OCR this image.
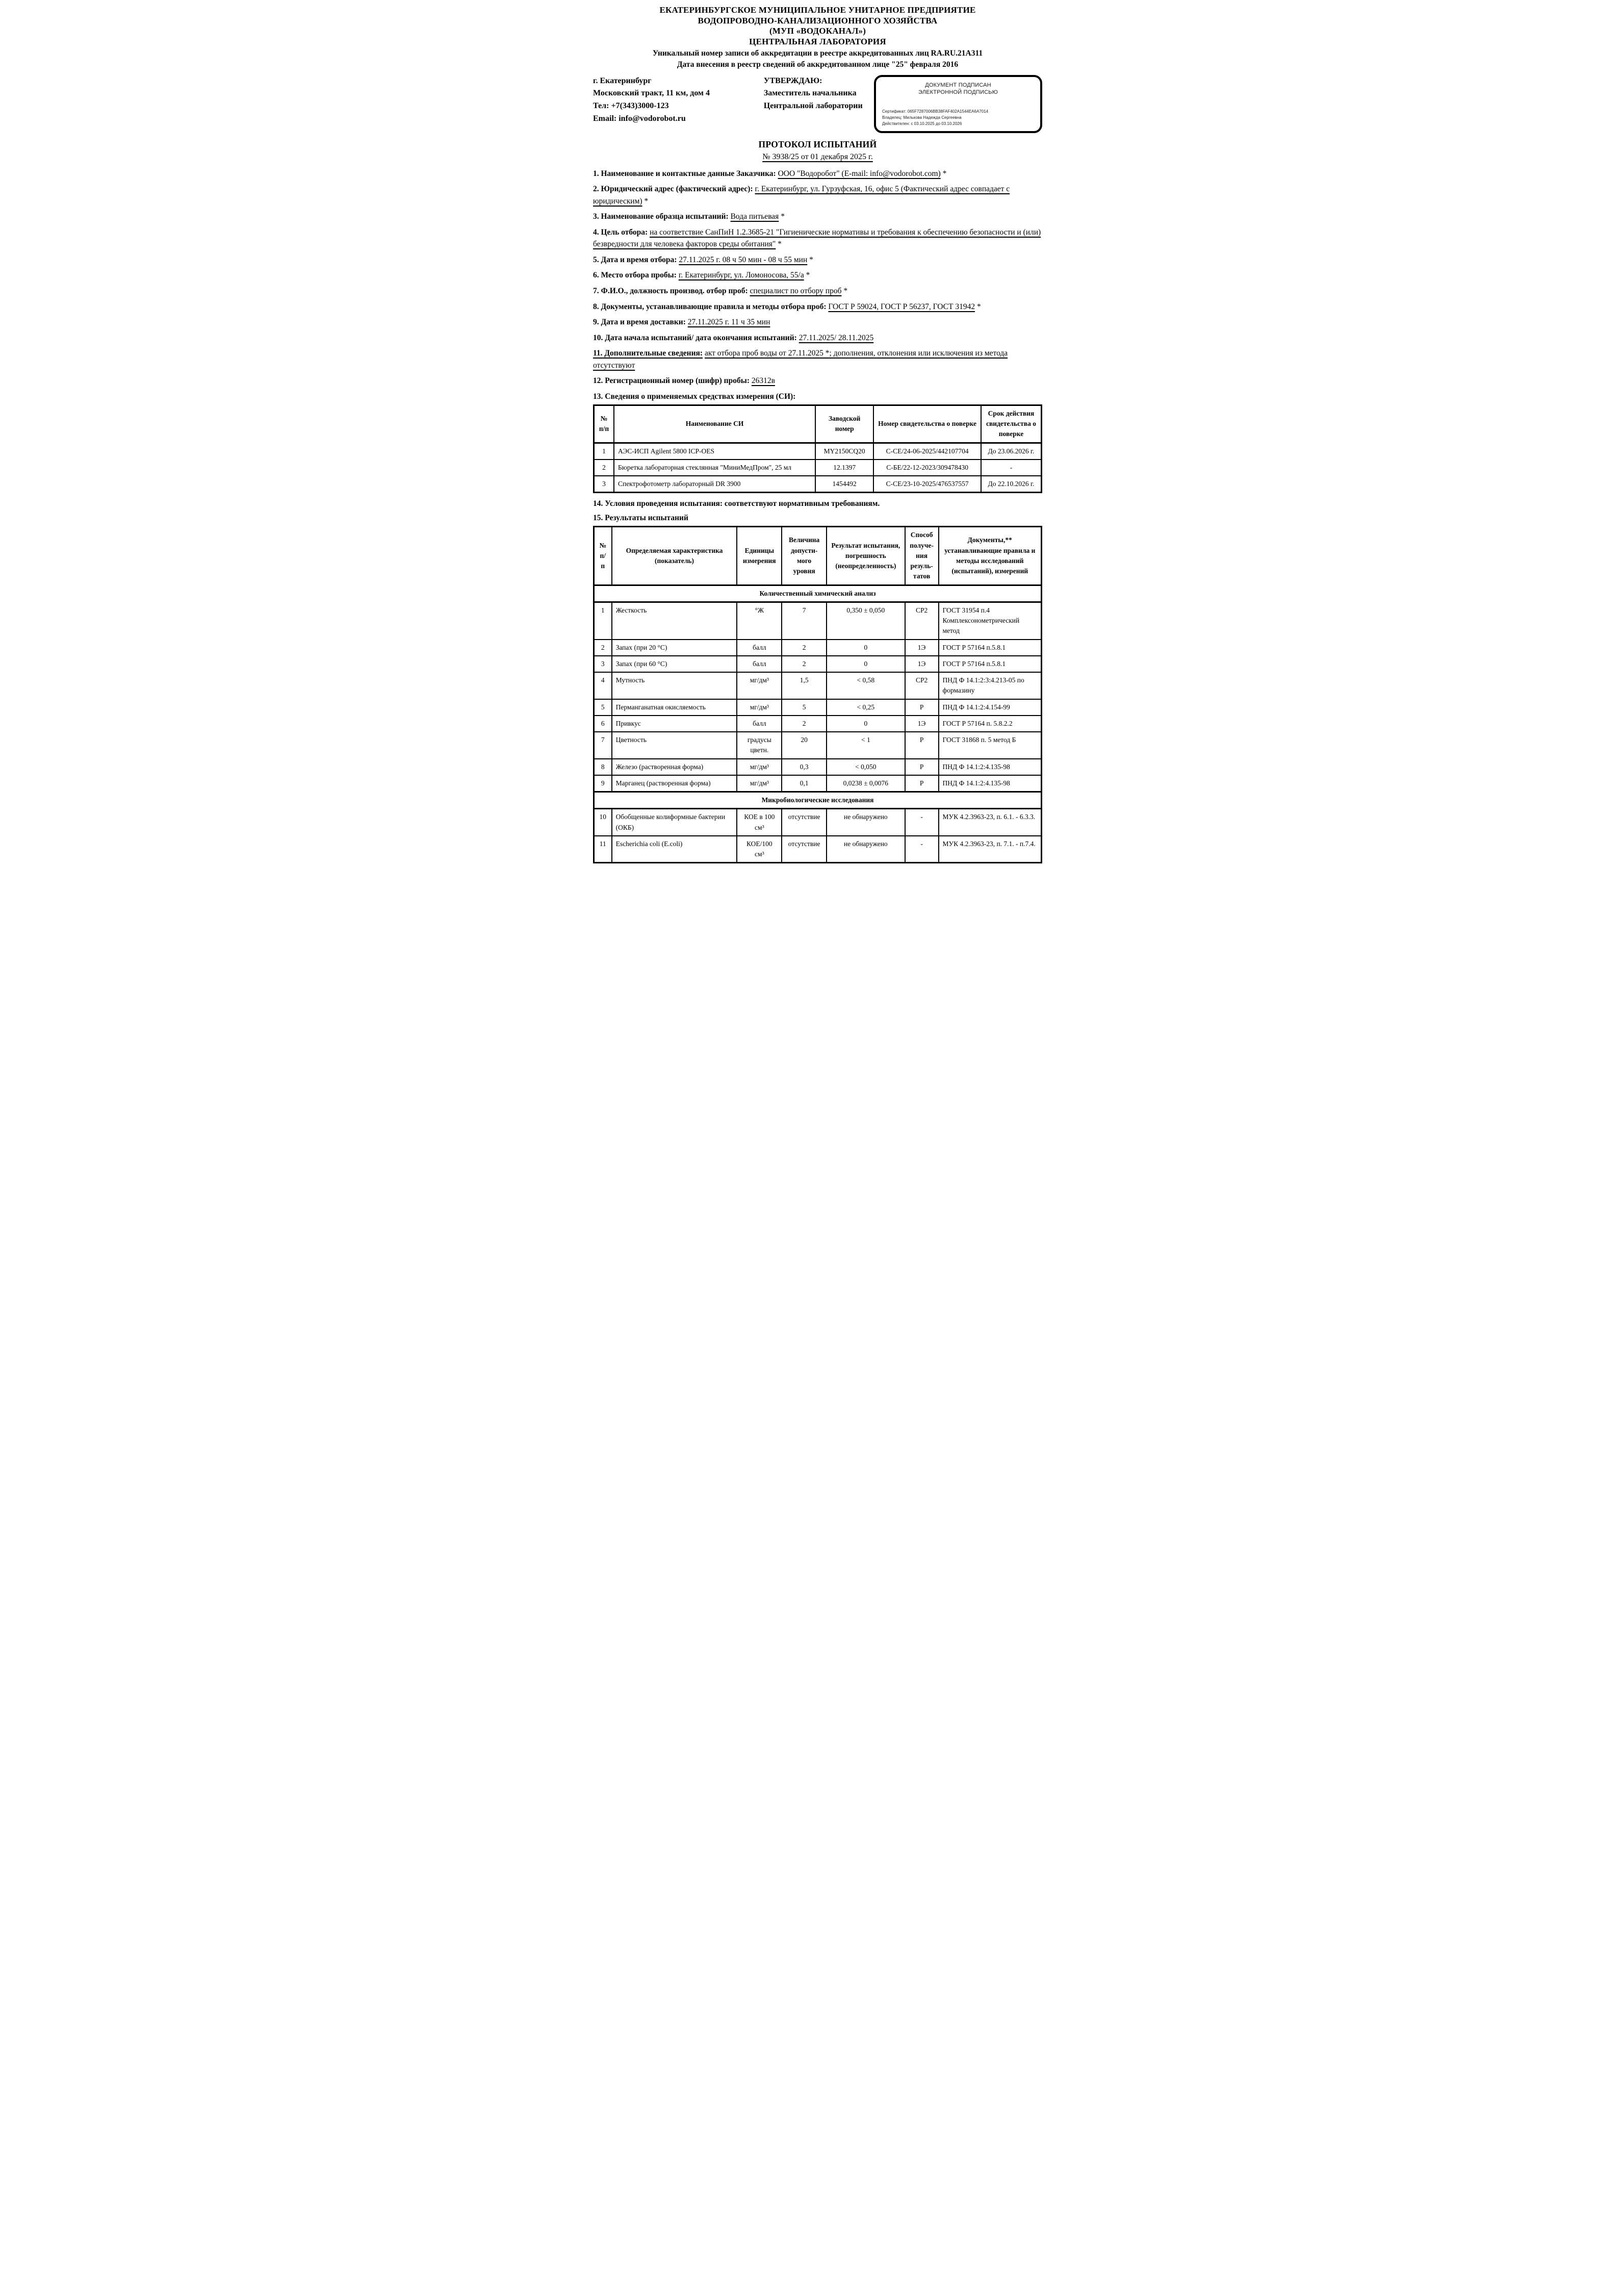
ЕКАТЕРИНБУРГСКОЕ МУНИЦИПАЛЬНОЕ УНИТАРНОЕ ПРЕДПРИЯТИЕ
ВОДОПРОВОДНО-КАНАЛИЗАЦИОННОГО ХОЗЯЙСТВА
(МУП «ВОДОКАНАЛ»)
ЦЕНТРАЛЬНАЯ ЛАБОРАТОРИЯ
Уникальный номер записи об аккредитации в реестре аккредитованных лиц RA.RU.21А311
Дата внесения в реестр сведений об аккредитованном лице "25" февраля 2016
г. Екатеринбург
Московский тракт, 11 км, дом 4
Тел: +7(343)3000-123
Email: info@vodorobot.ru
УТВЕРЖДАЮ:
Заместитель начальника
Центральной лаборатории
ДОКУМЕНТ ПОДПИСАН
ЭЛЕКТРОННОЙ ПОДПИСЬЮ
Сертификат: 065F7287006BB38FAF402A1544EA6A7014
Владелец: Милькова Надежда Сергеевна
Действителен: с 03.10.2025 до 03.10.2026
ПРОТОКОЛ ИСПЫТАНИЙ
№ 3938/25 от 01 декабря 2025 г.

1. Наименование и контактные данные Заказчика: ООО "Водоробот" (E-mail: info@vodorobot.com) *

2. Юридический адрес (фактический адрес): г. Екатеринбург, ул. Гурзуфская, 16, офис 5 (Фактический адрес совпадает с юридическим) *

3. Наименование образца испытаний: Вода питьевая *

4. Цель отбора: на соответствие СанПиН 1.2.3685-21 "Гигиенические нормативы и требования к обеспечению безопасности и (или) безвредности для человека факторов среды обитания" *

5. Дата и время отбора: 27.11.2025 г. 08 ч 50 мин - 08 ч 55 мин *

6. Место отбора пробы: г. Екатеринбург, ул. Ломоносова, 55/а *

7. Ф.И.О., должность производ. отбор проб: специалист по отбору проб *

8. Документы, устанавливающие правила и методы отбора проб: ГОСТ Р 59024, ГОСТ Р 56237, ГОСТ 31942 *

9. Дата и время доставки: 27.11.2025 г. 11 ч 35 мин

10. Дата начала испытаний/ дата окончания испытаний: 27.11.2025/ 28.11.2025

11. Дополнительные сведения: акт отбора проб воды от 27.11.2025 *; дополнения, отклонения или исключения из метода отсутствуют

12. Регистрационный номер (шифр) пробы: 26312в

13. Сведения о применяемых средствах измерения (СИ):

№ п/п	Наименование СИ	Заводской номер	Номер свидетельства о поверке	Срок действия свидетельства о поверке
1	АЭС-ИСП Agilent 5800 ICP-OES	MY2150CQ20	С-СЕ/24-06-2025/442107704	До 23.06.2026 г.
2	Бюретка лабораторная стеклянная "МиниМедПром", 25 мл	12.1397	С-БЕ/22-12-2023/309478430	-
3	Спектрофотометр лабораторный DR 3900	1454492	С-СЕ/23-10-2025/476537557	До 22.10.2026 г.

14. Условия проведения испытания: соответствуют нормативным требованиям.

15. Результаты испытаний

№ п/п	Определяемая характеристика (показатель)	Единицы измерения	Величина допусти-мого уровня	Результат испытания, погрешность (неопределенность)	Способ получе-ния резуль-татов	Документы,** устанавливающие правила и методы исследований (испытаний), измерений
Количественный химический анализ						
1	Жесткость	°Ж	7	0,350 ± 0,050	СР2	ГОСТ 31954 п.4 Комплексонометрический метод
2	Запах (при 20 °С)	балл	2	0	1Э	ГОСТ Р 57164 п.5.8.1
3	Запах (при 60 °С)	балл	2	0	1Э	ГОСТ Р 57164 п.5.8.1
4	Мутность	мг/дм³	1,5	< 0,58	СР2	ПНД Ф 14.1:2:3:4.213-05 по формазину
5	Перманганатная окисляемость	мг/дм³	5	< 0,25	Р	ПНД Ф 14.1:2:4.154-99
6	Привкус	балл	2	0	1Э	ГОСТ Р 57164 п. 5.8.2.2
7	Цветность	градусы цветн.	20	< 1	Р	ГОСТ 31868 п. 5 метод Б
8	Железо (растворенная форма)	мг/дм³	0,3	< 0,050	Р	ПНД Ф 14.1:2:4.135-98
9	Марганец (растворенная форма)	мг/дм³	0,1	0,0238 ± 0,0076	Р	ПНД Ф 14.1:2:4.135-98
Микробиологические исследования						
10	Обобщенные колиформные бактерии (ОКБ)	КОЕ в 100 см³	отсутствие	не обнаружено	-	МУК 4.2.3963-23, п. 6.1. - 6.3.3.
11	Escherichia coli (E.coli)	КОЕ/100 см³	отсутствие	не обнаружено	-	МУК 4.2.3963-23, п. 7.1. - п.7.4.
